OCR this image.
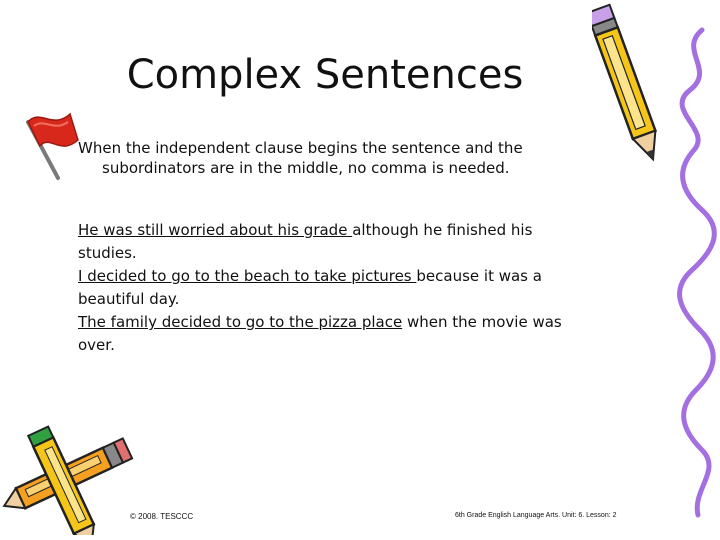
Complex Sentences
When the independent clause begins the sentence and the
subordinators are in the middle, no comma is needed.
He was still worried about his grade although he finished his
studies.
I decided to go to the beach to take pictures because it was a
beautiful day.
The family decided to go to the pizza place when the movie was
over.
© 2008. TESCCC	6th Grade English Language Arts. Unit: 6. Lesson: 2
